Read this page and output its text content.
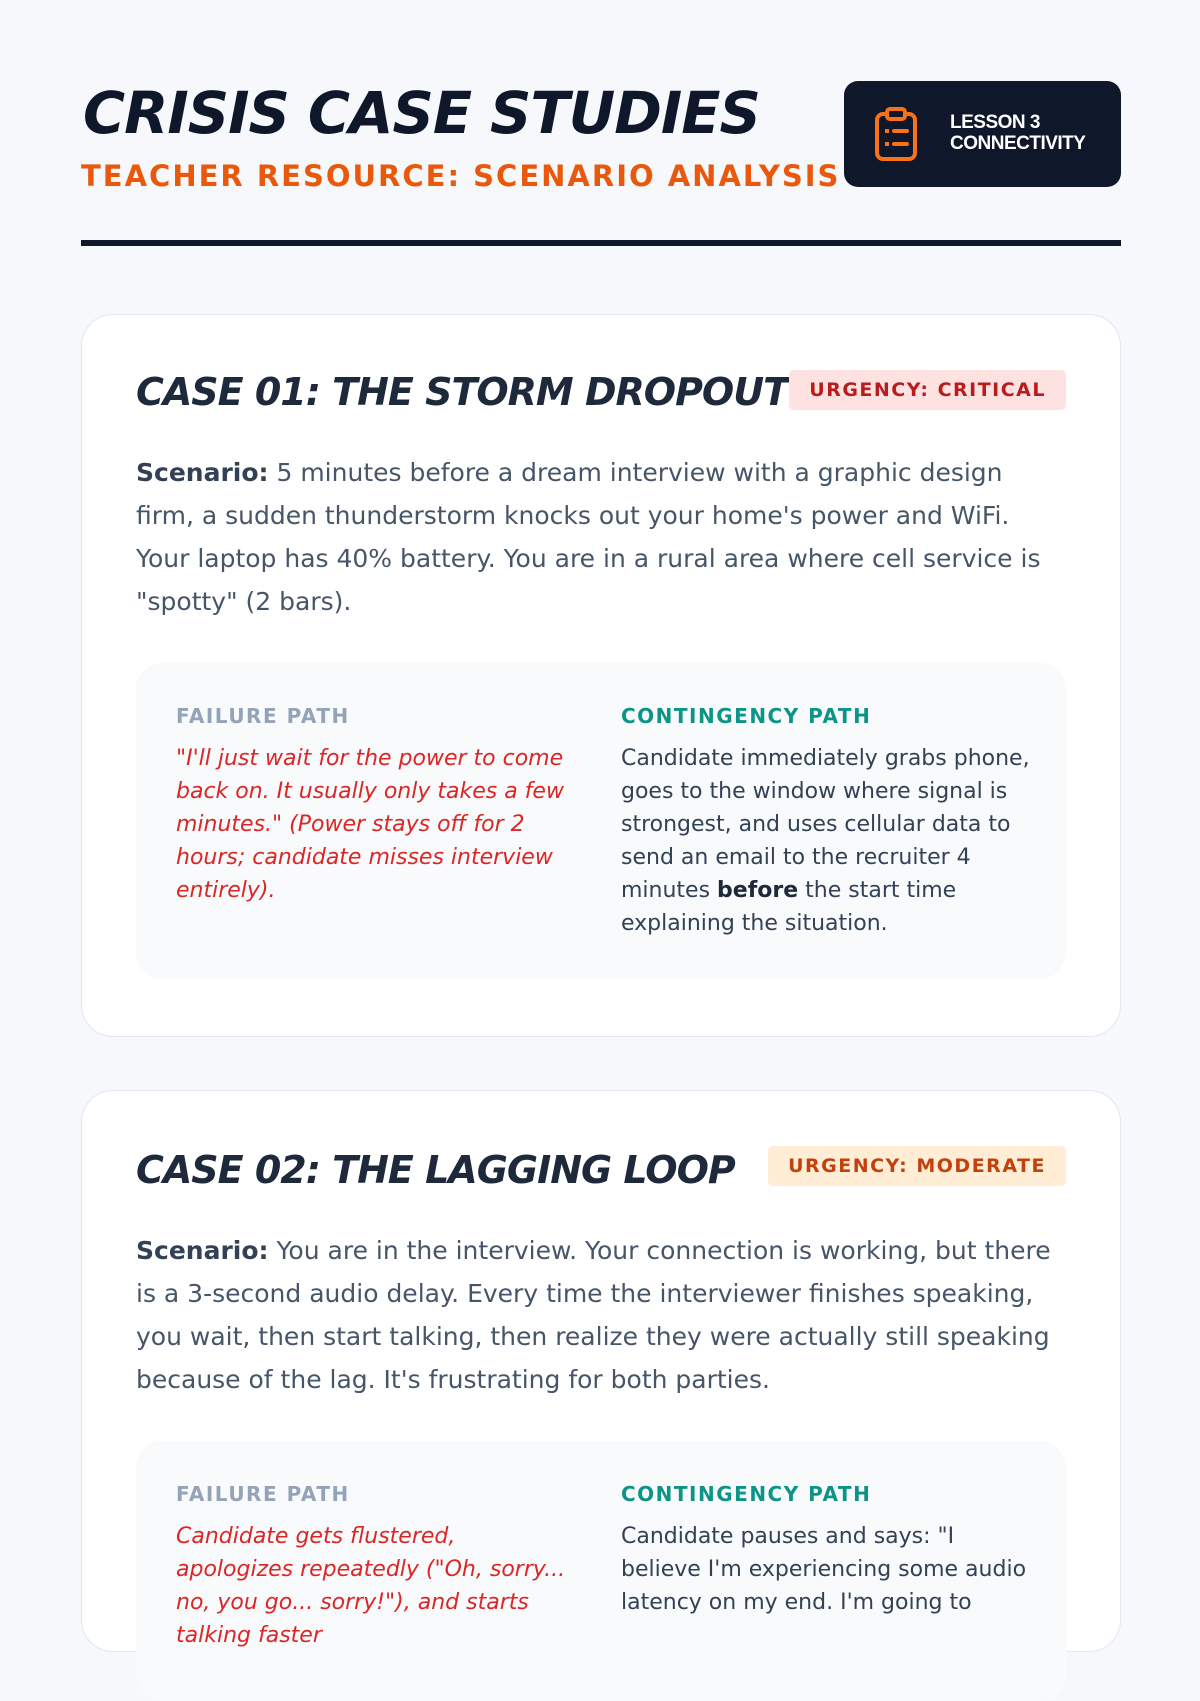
CRISIS CASE STUDIES
TEACHER RESOURCE: SCENARIO ANALYSIS
LESSON 3
CONNECTIVITY
CASE 01: THE STORM DROPOUT	URGENCY: CRITICAL

Scenario: 5 minutes before a dream interview with a graphic design firm, a sudden thunderstorm knocks out your home's power and WiFi. Your laptop has 40% battery. You are in a rural area where cell service is "spotty" (2 bars).

FAILURE PATH

"I'll just wait for the power to come back on. It usually only takes a few minutes." (Power stays off for 2 hours; candidate misses interview entirely).

CONTINGENCY PATH

Candidate immediately grabs phone, goes to the window where signal is strongest, and uses cellular data to send an email to the recruiter 4 minutes before the start time explaining the situation.

CASE 02: THE LAGGING LOOP	URGENCY: MODERATE

Scenario: You are in the interview. Your connection is working, but there is a 3-second audio delay. Every time the interviewer finishes speaking, you wait, then start talking, then realize they were actually still speaking because of the lag. It's frustrating for both parties.

FAILURE PATH

Candidate gets flustered, apologizes repeatedly ("Oh, sorry... no, you go... sorry!"), and starts talking faster

CONTINGENCY PATH

Candidate pauses and says: "I believe I'm experiencing some audio latency on my end. I'm going to
